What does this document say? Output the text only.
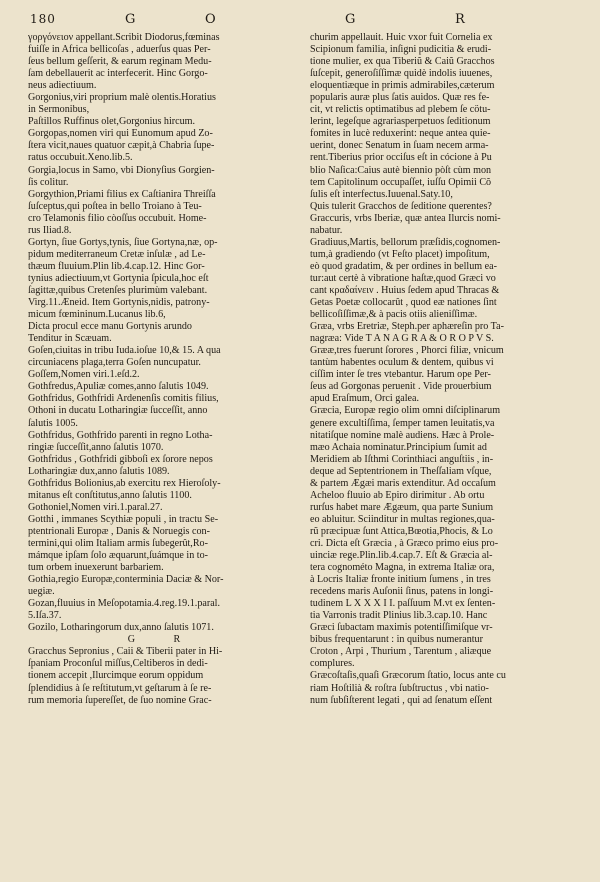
180	G	O	G	R
γοργόνειον appellant.Scribit Diodorus,fœminas
fuiſſe in Africa bellicoſas , aduerſus quas Per-
ſeus bellum geſſerit, & earum reginam Medu-
ſam debellauerit ac interfecerit. Hinc Gorgo-
neus adiectiuum.
Gorgonius,viri proprium malè olentis.Horatius
in Sermonibus,
Paſtillos Ruffinus olet,Gorgonius hircum.
Gorgopas,nomen viri qui Eunomum apud Zo-
ſtera vicit,naues quatuor cæpit,à Chabria ſupe-
ratus occubuit.Xeno.lib.5.
Gorgia,locus in Samo, vbi Dionyſius Gorgien-
ſis colitur.
Gorgythion,Priami filius ex Caſtianira Threiſſa
ſuſceptus,qui poſtea in bello Troiano à Teu-
cro Telamonis filio còoſſus occubuit. Home-
rus Iliad.8.
Gortyn, ſiue Gortys,tynis, ſiue Gortyna,næ, op-
pidum mediterraneum Cretæ inſulæ , ad Le-
thæum fluuium.Plin lib.4.cap.12. Hinc Gor-
tynius adiectiuum,vt Gortynia ſpicula,hoc eſt
ſagittæ,quibus Cretenſes plurimùm valebant.
Virg.11.Æneid. Item Gortynis,nidis, patrony-
micum fœmininum.Lucanus lib.6,
Dicta procul ecce manu Gortynis arundo
Tenditur in Scæuam.
Goſen,ciuitas in tribu Iuda.ioſue 10,& 15. A qua
circuniacens plaga,terra Goſen nuncupatur.
Goſſem,Nomen viri.1.eſd.2.
Gothfredus,Apuliæ comes,anno ſalutis 1049.
Gothfridus, Gothfridi Ardenenſis comitis filius,
Othoni in ducatu Lotharingiæ ſucceſſit, anno
ſalutis 1005.
Gothfridus, Gothfrido parenti in regno Lotha-
ringiæ ſucceſſit,anno ſalutis 1070.
Gothfridus , Gothfridi gibboſi ex ſorore nepos
Lotharingiæ dux,anno ſalutis 1089.
Gothfridus Bolionius,ab exercitu rex Hieroſoly-
mitanus eſt conſtitutus,anno ſalutis 1100.
Gothoniel,Nomen viri.1.paral.27.
Gotthi , immanes Scythiæ populi , in tractu Se-
ptentrionali Europæ , Danis & Noruegis con-
termini,qui olim Italiam armis ſubegerût,Ro-
mámque ipſam ſolo æquarunt,ſuámque in to-
tum orbem inuexerunt barbariem.
Gothia,regio Europæ,conterminia Daciæ & Nor-
uegiæ.
Gozan,fluuius in Meſopotamia.4.reg.19.1.paral.
5.Iſa.37.
Gozilo, Lotharingorum dux,anno ſalutis 1071.
G R
Gracchus Sepronius , Caii & Tiberii pater in Hi-
ſpaniam Proconſul miſſus,Celtiberos in dedi-
tionem accepit ,Ilurcimque eorum oppidum
ſplendidius à ſe reſtitutum,vt geſtarum à ſe re-
rum memoria ſupereſſet, de ſuo nomine Grac-
churim appellauit. Huic vxor fuit Cornelia ex
Scipionum familia, inſigni pudicitia & erudi-
tione mulier, ex qua Tiberiũ & Caiũ Gracchos
ſuſcepit, generoſiſſimæ quidè indolis iuuenes,
eloquentiæque in primis admirabiles,cæterum
popularis auræ plus ſatis auidos. Quæ res fe-
cit, vt relictis optimatibus ad plebem ſe cötu-
lerint, legeſque agrariasperpetuos ſeditionum
fomites in lucè reduxerint: neque antea quie-
uerint, donec Senatum in ſuam necem arma-
rent.Tiberius prior occiſus eſt in cócione à Pu
blio Naſica:Caius autè biennio pòſt cùm mon
tem Capitolinum occupaſſet, iuſſu Opimii Cõ
ſulis eſt interfectus.Iuuenal.Saty.10,
Quis tulerit Gracchos de ſeditione querentes?
Graccuris, vrbs Iberiæ, quæ antea Ilurcis nomi-
nabatur.
Gradiuus,Martis, bellorum præſidis,cognomen-
tum,à gradiendo (vt Feſto placet) impoſitum,
eò quod gradatim, & per ordines in bellum ea-
tur:aut certè à vibratione haſtæ,quod Græci vo
cant κραδαίνειν . Huius ſedem apud Thracas &
Getas Poetæ collocarût , quod eæ nationes ſint
bellicoſiſſimæ,& à pacis otiis alieniſſimæ.
Græa, vrbs Eretriæ, Steph.per aphæreſin pro Ta-
nagræa: Vide T A N A G R A & O R O P V S.
Grææ,tres fuerunt ſorores , Phorci filiæ, vnicum
tantùm habentes oculum & dentem, quibus vi
ciſſim inter ſe tres vtebantur. Harum ope Per-
ſeus ad Gorgonas peruenit . Vide prouerbium
apud Eraſmum, Orci galea.
Græcia, Europæ regio olim omni diſciplinarum
genere excultiſſima, ſemper tamen leuitatis,va
nitatiſque nomine malè audiens. Hæc à Prole-
mæo Achaia nominatur.Principium ſumit ad
Meridiem ab Iſthmi Corinthiaci anguſtiis , in-
deque ad Septentrionem in Theſſaliam vſque,
& partem Ægæi maris extenditur. Ad occaſum
Acheloo fluuio ab Epiro dirimitur . Ab ortu
rurſus habet mare Ægæum, qua parte Sunium
eo abluitur. Sciinditur in multas regiones,qua-
rũ præcipuæ ſunt Attica,Bœotia,Phocis, & Lo
cri. Dicta eſt Græcia , à Græco primo eius pro-
uinciæ rege.Plin.lib.4.cap.7. Eſt & Græcia al-
tera cognométo Magna, in extrema Italiæ ora,
à Locris Italiæ fronte initium ſumens , in tres
recedens maris Auſonii ſinus, patens in longi-
tudinem L X X X I I. paſſuum M.vt ex ſenten-
tia Varronis tradit Plinius lib.3.cap.10. Hanc
Græci ſubactam maximis potentiſſimiſque vr-
bibus frequentarunt : in quibus numerantur
Croton , Arpi , Thurium , Tarentum , aliæque
complures.
Græcoſtaſis,quaſi Græcorum ſtatio, locus ante cu
riam Hoſtilià & roſtra ſubſtructus , vbi natio-
num ſubſiſterent legati , qui ad ſenatum eſſent
